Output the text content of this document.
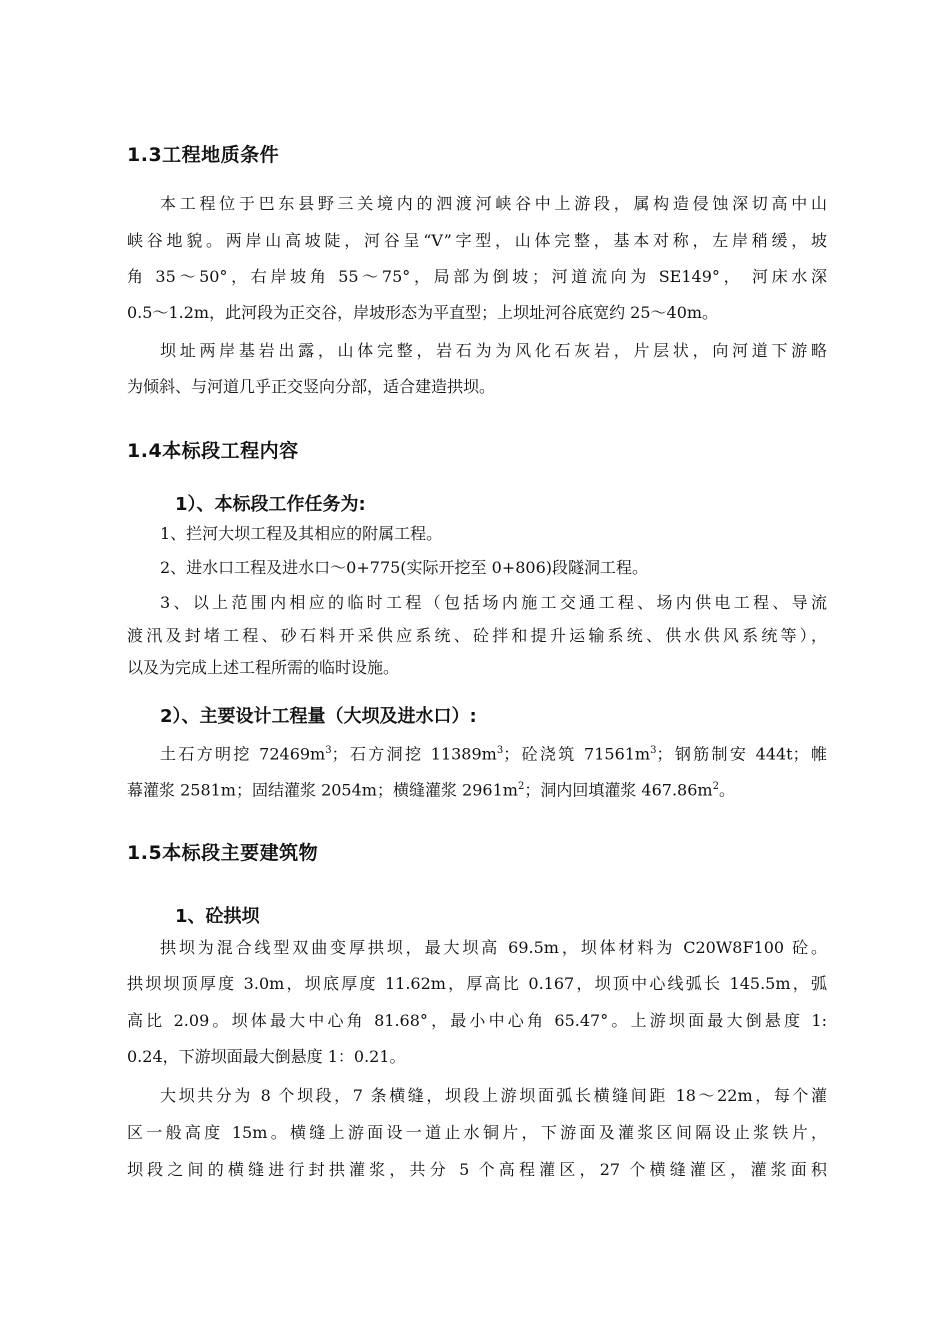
1.3工程地质条件

本工程位于巴东县野三关境内的泗渡河峡谷中上游段，属构造侵蚀深切高中山

峡谷地貌。两岸山高坡陡，河谷呈“V”字型，山体完整，基本对称，左岸稍缓，坡

角 35～50°，右岸坡角 55～75°，局部为倒坡；河道流向为 SE149°， 河床水深

0.5～1.2m，此河段为正交谷，岸坡形态为平直型；上坝址河谷底宽约 25～40m。

坝址两岸基岩出露，山体完整，岩石为为风化石灰岩，片层状，向河道下游略

为倾斜、与河道几乎正交竖向分部，适合建造拱坝。

1.4本标段工程内容
1）、本标段工作任务为:

1、拦河大坝工程及其相应的附属工程。

2、进水口工程及进水口～0+775(实际开挖至 0+806)段隧洞工程。

3、以上范围内相应的临时工程（包括场内施工交通工程、场内供电工程、导流

渡汛及封堵工程、砂石料开采供应系统、砼拌和提升运输系统、供水供风系统等），

以及为完成上述工程所需的临时设施。

2）、主要设计工程量（大坝及进水口）:

土石方明挖 $72469m^3$；石方洞挖 $11389m^3$；砼浇筑 $71561m^3$；钢筋制安 444t；帷

幕灌浆 2581m；固结灌浆 2054m；横缝灌浆 $2961m^2$；洞内回填灌浆 $467.86m^2$。

1.5本标段主要建筑物
1、砼拱坝

拱坝为混合线型双曲变厚拱坝，最大坝高 69.5m，坝体材料为 C20W8F100 砼。

拱坝坝顶厚度 3.0m，坝底厚度 11.62m，厚高比 0.167，坝顶中心线弧长 145.5m，弧

高比 2.09。坝体最大中心角 81.68°，最小中心角 65.47°。上游坝面最大倒悬度 1:

0.24，下游坝面最大倒悬度 1：0.21。

大坝共分为 8 个坝段，7 条横缝，坝段上游坝面弧长横缝间距 18～22m，每个灌

区一般高度 15m。横缝上游面设一道止水铜片，下游面及灌浆区间隔设止浆铁片，

坝段之间的横缝进行封拱灌浆，共分 5 个高程灌区，27 个横缝灌区，灌浆面积
